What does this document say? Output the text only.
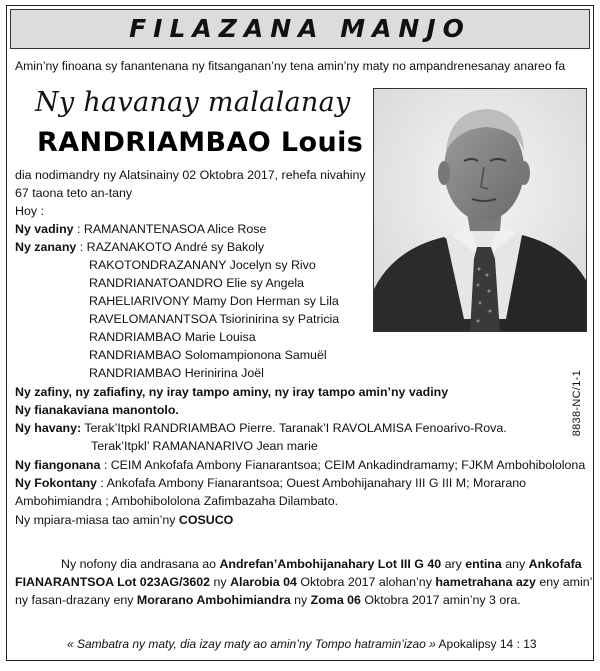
FILAZANA MANJO
Amin’ny finoana sy fanantenana ny fitsanganan’ny tena amin’ny maty no ampandrenesanay anareo fa
Ny havanay malalanay
RANDRIAMBAO Louis
dia nodimandry ny Alatsinainy 02 Oktobra 2017, rehefa nivahiny
67 taona teto an-tany
Hoy :
Ny vadiny : RAMANANTENASOA Alice Rose
Ny zanany : RAZANAKOTO André sy Bakoly
RAKOTONDRAZANANY Jocelyn sy Rivo
RANDRIANATOANDRO Elie sy Angela
RAHELIARIVONY Mamy Don Herman sy Lila
RAVELOMANANTSOA Tsiorinirina sy Patricia
RANDRIAMBAO Marie Louisa
RANDRIAMBAO Solomampionona Samuël
RANDRIAMBAO Herinirina Joël
Ny zafiny, ny zafiafiny, ny iray tampo aminy, ny iray tampo amin’ny vadiny
Ny fianakaviana manontolo.
Ny havany: Terak’Itpkl RANDRIAMBAO Pierre. Taranak’I RAVOLAMISA Fenoarivo-Rova.
Terak’Itpkl’ RAMANANARIVO Jean marie
Ny fiangonana : CEIM Ankofafa Ambony Fianarantsoa; CEIM Ankadindramamy; FJKM Ambohibololona
Ny Fokontany : Ankofafa Ambony Fianarantsoa; Ouest Ambohijanahary III G III M; Morarano
Ambohimiandra ; Ambohibololona Zafimbazaha Dilambato.
Ny mpiara-miasa tao amin’ny COSUCO
Ny nofony dia andrasana ao Andrefan’Ambohijanahary Lot III G 40 ary entina any Ankofafa
FIANARANTSOA Lot 023AG/3602 ny Alarobia 04 Oktobra 2017 alohan’ny hametrahana azy eny amin’
ny fasan-drazany eny Morarano Ambohimiandra ny Zoma 06 Oktobra 2017 amin’ny 3 ora.
« Sambatra ny maty, dia izay maty ao amin’ny Tompo hatramin’izao » Apokalipsy 14 : 13
8838-NC/1-1
